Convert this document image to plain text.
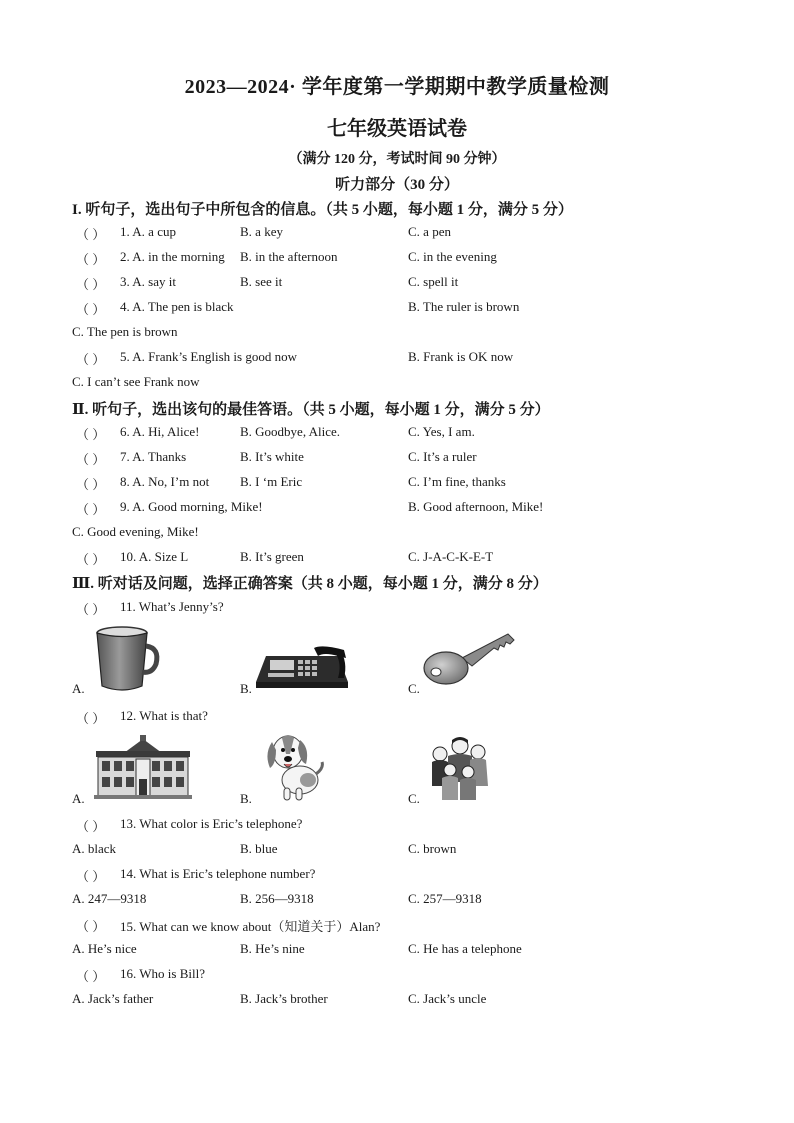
2023—2024· 学年度第一学期期中教学质量检测
七年级英语试卷
（满分 120 分，考试时间 90 分钟）
听力部分（30 分）
I. 听句子，选出句子中所包含的信息。（共 5 小题，每小题 1 分，满分 5 分）
（ ） 1. A. a cup	B. a key	C. a pen
（ ） 2. A. in the morning B. in the afternoon	C. in the evening
（ ） 3. A. say it	B. see it	C. spell it
（ ） 4. A. The pen is black	B. The ruler is brown
C. The pen is brown
（ ） 5. A. Frank’s English is good now	B. Frank is OK now
C. I can’t see Frank now
Ⅱ. 听句子，选出该句的最佳答语。（共 5 小题，每小题 1 分，满分 5 分）
（ ） 6. A. Hi, Alice!	B. Goodbye, Alice.	C. Yes, I am.
（ ） 7. A. Thanks	B. It’s white	C. It’s a ruler
（ ） 8. A. No, I’m not B. I ‘m Eric	C. I’m fine, thanks
（ ） 9. A. Good morning, Mike!	B. Good afternoon, Mike!
C. Good evening, Mike!
（ ） 10. A. Size L	B. It’s green	C. J-A-C-K-E-T
Ⅲ. 听对话及问题，选择正确答案（共 8 小题，每小题 1 分，满分 8 分）
（ ） 11. What’s Jenny’s?
A.	B.	C.
（ ） 12. What is that?
A.	B.	C.
（ ） 13. What color is Eric’s telephone?
A. black	B. blue	C. brown
（ ） 14. What is Eric’s telephone number?
A. 247—9318	B. 256—9318	C. 257—9318
（ ） 15. What can we know about（知道关于）Alan?
A. He’s nice	B. He’s nine	C. He has a telephone
（ ） 16. Who is Bill?
A. Jack’s father	B. Jack’s brother	C. Jack’s uncle
